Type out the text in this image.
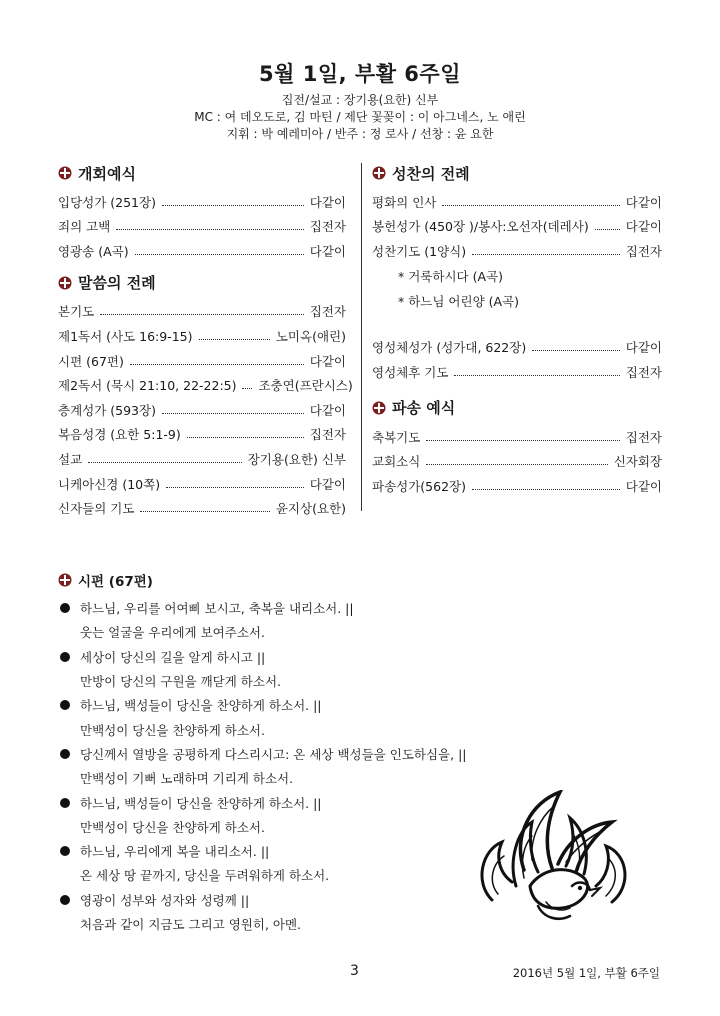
5월 1일, 부활 6주일
집전/설교 : 장기용(요한) 신부
MC : 여 데오도로, 김 마틴 / 제단 꽃꽂이 : 이 아그네스, 노 애린
지휘 : 박 예레미아 / 반주 : 정 로사 / 선창 : 윤 요한
개회예식
입당성가 (251장)	다같이
죄의 고백	집전자
영광송 (A곡)	다같이
말씀의 전례
본기도	집전자
제1독서 (사도 16:9-15)	노미옥(애린)
시편 (67편)	다같이
제2독서 (묵시 21:10, 22-22:5) 조충연(프란시스)
층계성가 (593장)	다같이
복음성경 (요한 5:1-9)	집전자
설교	장기용(요한) 신부
니케아신경 (10쪽)	다같이
신자들의 기도	윤지상(요한)
성찬의 전례
평화의 인사	다같이
봉헌성가 (450장 )/봉사:오선자(데레사)	다같이
성찬기도 (1양식)	집전자
* 거룩하시다 (A곡)
* 하느님 어린양 (A곡)
영성체성가 (성가대, 622장)	다같이
영성체후 기도	집전자
파송 예식
축복기도	집전자
교회소식	신자회장
파송성가(562장)	다같이
시편 (67편)
하느님, 우리를 어여삐 보시고, 축복을 내리소서. ||
웃는 얼굴을 우리에게 보여주소서.
세상이 당신의 길을 알게 하시고 ||
만방이 당신의 구원을 깨닫게 하소서.
하느님, 백성들이 당신을 찬양하게 하소서. ||
만백성이 당신을 찬양하게 하소서.
당신께서 열방을 공평하게 다스리시고: 온 세상 백성들을 인도하심을, ||
만백성이 기뻐 노래하며 기리게 하소서.
하느님, 백성들이 당신을 찬양하게 하소서. ||
만백성이 당신을 찬양하게 하소서.
하느님, 우리에게 복을 내리소서. ||
온 세상 땅 끝까지, 당신을 두려워하게 하소서.
영광이 성부와 성자와 성령께 ||
처음과 같이 지금도 그리고 영원히, 아멘.
3	2016년 5월 1일, 부활 6주일
